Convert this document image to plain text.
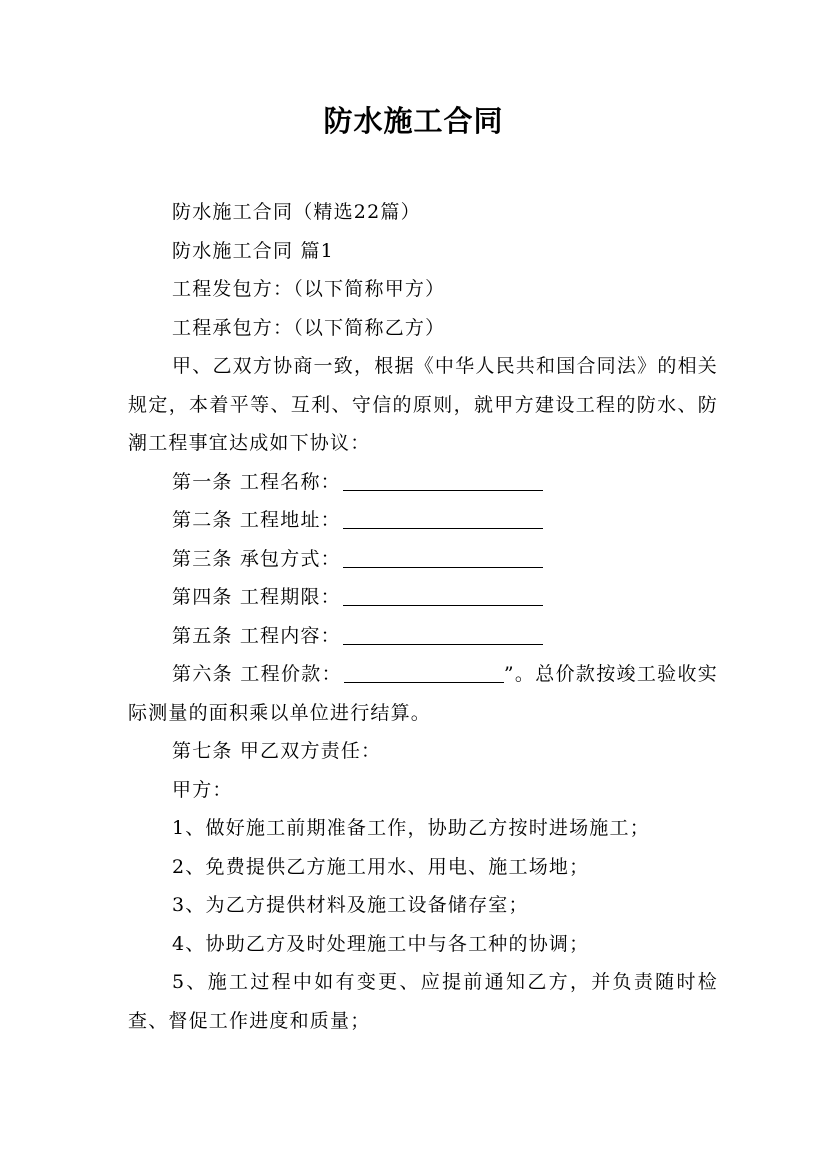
防水施工合同

防水施工合同（精选22篇）

防水施工合同 篇1

工程发包方：（以下简称甲方）

工程承包方：（以下简称乙方）

甲、乙双方协商一致，根据《中华人民共和国合同法》的相关规定，本着平等、互利、守信的原则，就甲方建设工程的防水、防潮工程事宜达成如下协议：

第一条 工程名称：

第二条 工程地址：

第三条 承包方式：

第四条 工程期限：

第五条 工程内容：

第六条 工程价款：	”。总价款按竣工验收实际测量的面积乘以单位进行结算。

第七条 甲乙双方责任：

甲方：

1、做好施工前期准备工作，协助乙方按时进场施工；

2、免费提供乙方施工用水、用电、施工场地；

3、为乙方提供材料及施工设备储存室；

4、协助乙方及时处理施工中与各工种的协调；

5、施工过程中如有变更、应提前通知乙方，并负责随时检查、督促工作进度和质量；
